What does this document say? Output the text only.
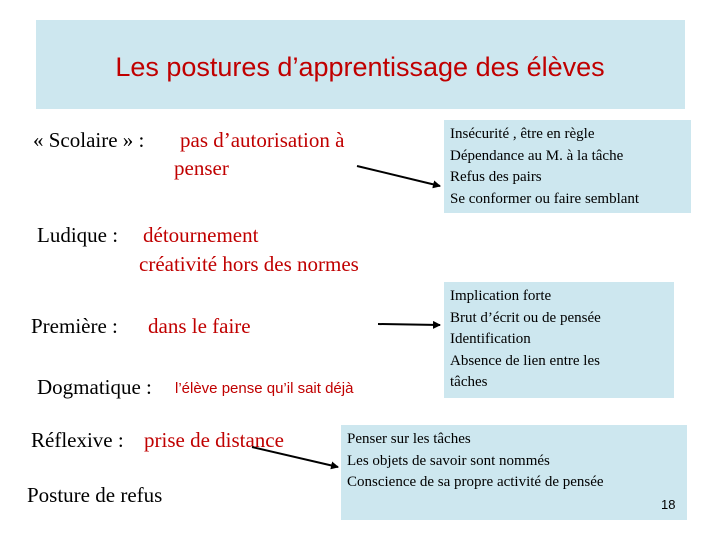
Les postures d’apprentissage des élèves
« Scolaire » : pas d’autorisation à
penser
Ludique : détournement
créativité hors des normes
Première : dans le faire
Dogmatique : l’élève pense qu’il sait déjà
Réflexive : prise de distance
Posture de refus
Insécurité , être en règle
Dépendance au M. à la tâche
Refus des pairs
Se conformer ou faire semblant
Implication forte
Brut d’écrit ou de pensée
Identification
Absence de lien entre les
tâches
Penser sur les tâches
Les objets de savoir sont nommés
Conscience de sa propre activité de pensée
18
